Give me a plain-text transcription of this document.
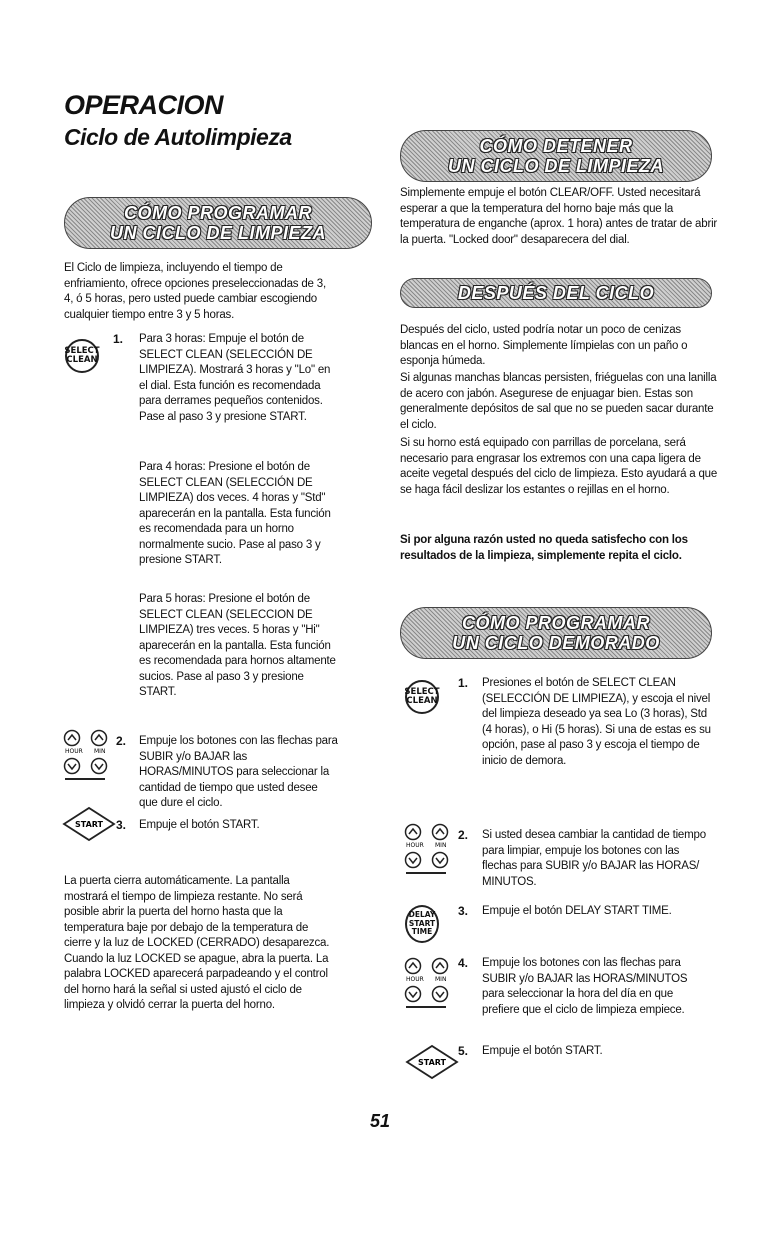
OPERACION
Ciclo de Autolimpieza
CÓMO PROGRAMAR
UN CICLO DE LIMPIEZA
El Ciclo de limpieza, incluyendo el tiempo de enfriamiento, ofrece opciones preseleccionadas de 3, 4, ó 5 horas, pero usted puede cambiar escogiendo cualquier tiempo entre 3 y 5 horas.
SELECT
CLEAN
1. Para 3 horas: Empuje el botón de SELECT CLEAN (SELECCIÓN DE LIMPIEZA). Mostrará 3 horas y "Lo" en el dial. Esta función es recomendada para derrames pequeños contenidos. Pase al paso 3 y presione START.
Para 4 horas: Presione el botón de SELECT CLEAN (SELECCIÓN DE LIMPIEZA) dos veces. 4 horas y "Std" aparecerán en la pantalla. Esta función es recomendada para un horno normalmente sucio. Pase al paso 3 y presione START.
Para 5 horas: Presione el botón de SELECT CLEAN (SELECCION DE LIMPIEZA) tres veces. 5 horas y "Hi" aparecerán en la pantalla. Esta función es recomendada para hornos altamente sucios. Pase al paso 3 y presione START.
HOUR MIN
2. Empuje los botones con las flechas para SUBIR y/o BAJAR las HORAS/MINUTOS para seleccionar la cantidad de tiempo que usted desee que dure el ciclo.
START 3. Empuje el botón START.
La puerta cierra automáticamente. La pantalla mostrará el tiempo de limpieza restante. No será posible abrir la puerta del horno hasta que la temperatura baje por debajo de la temperatura de cierre y la luz de LOCKED (CERRADO) desaparezca. Cuando la luz LOCKED se apague, abra la puerta. La palabra LOCKED aparecerá parpadeando y el control del horno hará la señal si usted ajustó el ciclo de limpieza y olvidó cerrar la puerta del horno.
CÓMO DETENER
UN CICLO DE LIMPIEZA
Simplemente empuje el botón CLEAR/OFF. Usted necesitará esperar a que la temperatura del horno baje más que la temperatura de enganche (aprox. 1 hora) antes de tratar de abrir la puerta. "Locked door" desaparecera del dial.
DESPUÉS DEL CICLO
Después del ciclo, usted podría notar un poco de cenizas blancas en el horno. Simplemente límpielas con un paño o esponja húmeda.
Si algunas manchas blancas persisten, friéguelas con una lanilla de acero con jabón. Asegurese de enjuagar bien. Estas son generalmente depósitos de sal que no se pueden sacar durante el ciclo.
Si su horno está equipado con parrillas de porcelana, será necesario para engrasar los extremos con una capa ligera de aceite vegetal después del ciclo de limpieza. Esto ayudará a que se haga fácil deslizar los estantes o rejillas en el horno.
Si por alguna razón usted no queda satisfecho con los resultados de la limpieza, simplemente repita el ciclo.
CÓMO PROGRAMAR
UN CICLO DEMORADO
SELECT
CLEAN
1. Presiones el botón de SELECT CLEAN (SELECCIÓN DE LIMPIEZA), y escoja el nivel del limpieza deseado ya sea Lo (3 horas), Std (4 horas), o Hi (5 horas). Si una de estas es su opción, pase al paso 3 y escoja el tiempo de inicio de demora.
HOUR MIN
2. Si usted desea cambiar la cantidad de tiempo para limpiar, empuje los botones con las flechas para SUBIR y/o BAJAR las HORAS/ MINUTOS.
DELAY
START
TIME
3. Empuje el botón DELAY START TIME.
HOUR MIN
4. Empuje los botones con las flechas para SUBIR y/o BAJAR las HORAS/MINUTOS para seleccionar la hora del día en que prefiere que el ciclo de limpieza empiece.
START
5. Empuje el botón START.
51
